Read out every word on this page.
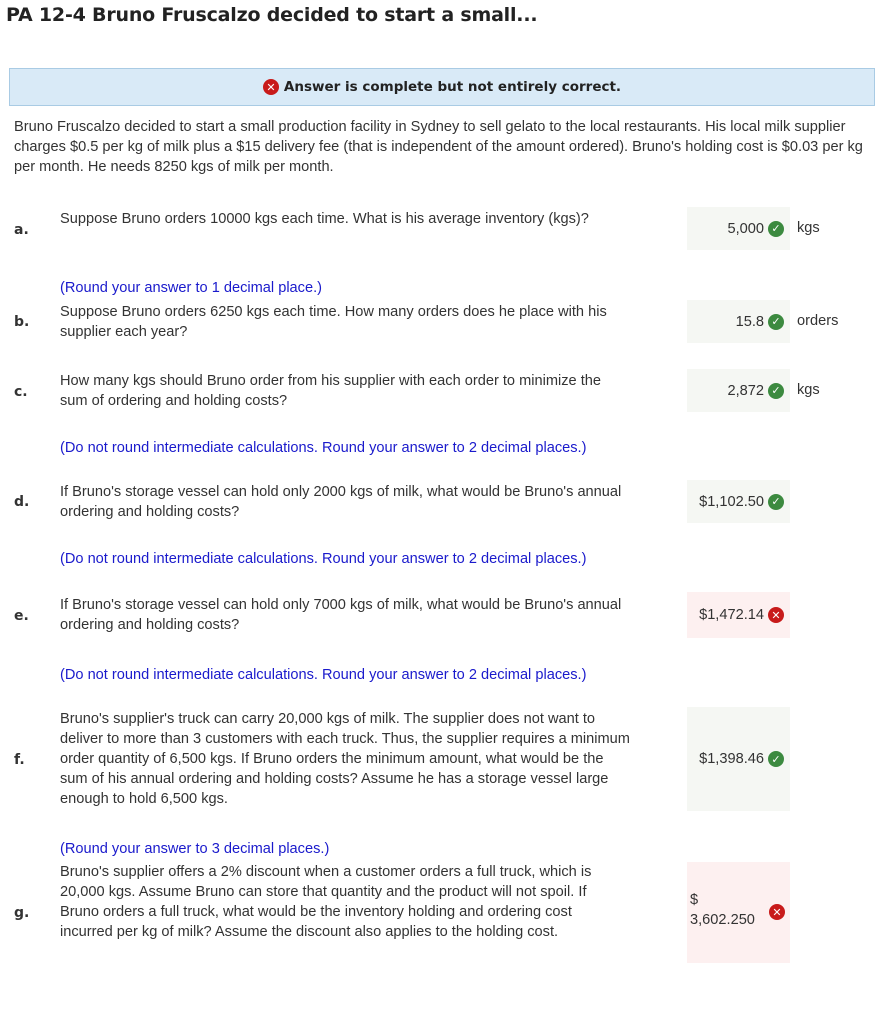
PA 12-4 Bruno Fruscalzo decided to start a small...
✕ Answer is complete but not entirely correct.
Bruno Fruscalzo decided to start a small production facility in Sydney to sell gelato to the local restaurants. His local milk supplier charges $0.5 per kg of milk plus a $15 delivery fee (that is independent of the amount ordered). Bruno's holding cost is $0.03 per kg per month. He needs 8250 kgs of milk per month.
a.
Suppose Bruno orders 10000 kgs each time. What is his average inventory (kgs)?
5,000 ✓ kgs
(Round your answer to 1 decimal place.)
b.
Suppose Bruno orders 6250 kgs each time. How many orders does he place with his supplier each year?
15.8 ✓ orders
c.
How many kgs should Bruno order from his supplier with each order to minimize the sum of ordering and holding costs?
2,872 ✓ kgs
(Do not round intermediate calculations. Round your answer to 2 decimal places.)
d.
If Bruno's storage vessel can hold only 2000 kgs of milk, what would be Bruno's annual ordering and holding costs?
$1,102.50 ✓
(Do not round intermediate calculations. Round your answer to 2 decimal places.)
e.
If Bruno's storage vessel can hold only 7000 kgs of milk, what would be Bruno's annual ordering and holding costs?
$1,472.14 ✕
(Do not round intermediate calculations. Round your answer to 2 decimal places.)
f.
Bruno's supplier's truck can carry 20,000 kgs of milk. The supplier does not want to deliver to more than 3 customers with each truck. Thus, the supplier requires a minimum order quantity of 6,500 kgs. If Bruno orders the minimum amount, what would be the sum of his annual ordering and holding costs? Assume he has a storage vessel large enough to hold 6,500 kgs.
$1,398.46 ✓
(Round your answer to 3 decimal places.)
g.
Bruno's supplier offers a 2% discount when a customer orders a full truck, which is 20,000 kgs. Assume Bruno can store that quantity and the product will not spoil. If Bruno orders a full truck, what would be the inventory holding and ordering cost incurred per kg of milk? Assume the discount also applies to the holding cost.
$
3,602.250	✕
